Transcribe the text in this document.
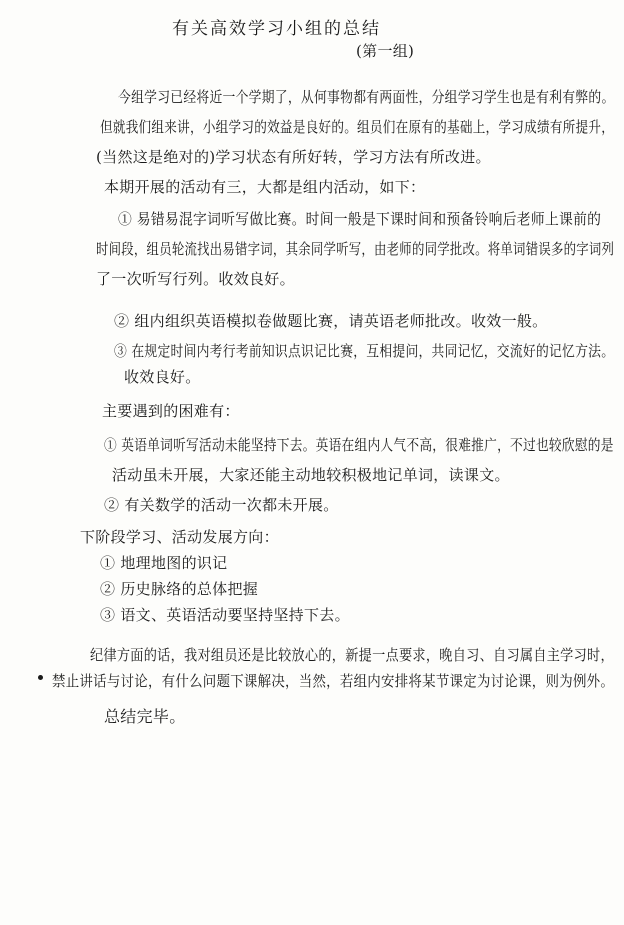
有关高效学习小组的总结
(第一组)
今组学习已经将近一个学期了，从何事物都有两面性，分组学习学生也是有利有弊的。
但就我们组来讲，小组学习的效益是良好的。组员们在原有的基础上，学习成绩有所提升，
(当然这是绝对的)学习状态有所好转，学习方法有所改进。
本期开展的活动有三，大都是组内活动，如下：
① 易错易混字词听写做比赛。时间一般是下课时间和预备铃响后老师上课前的
时间段，组员轮流找出易错字词，其余同学听写，由老师的同学批改。将单词错误多的字词列
了一次听写行列。收效良好。
② 组内组织英语模拟卷做题比赛，请英语老师批改。收效一般。
③ 在规定时间内考行考前知识点识记比赛，互相提问，共同记忆，交流好的记忆方法。
收效良好。
主要遇到的困难有：
① 英语单词听写活动未能坚持下去。英语在组内人气不高，很难推广，不过也较欣慰的是
活动虽未开展，大家还能主动地较积极地记单词，读课文。
② 有关数学的活动一次都未开展。
下阶段学习、活动发展方向：
① 地理地图的识记
② 历史脉络的总体把握
③ 语文、英语活动要坚持坚持下去。
纪律方面的话，我对组员还是比较放心的，新提一点要求，晚自习、自习属自主学习时，
禁止讲话与讨论，有什么问题下课解决，当然，若组内安排将某节课定为讨论课，则为例外。
总结完毕。
